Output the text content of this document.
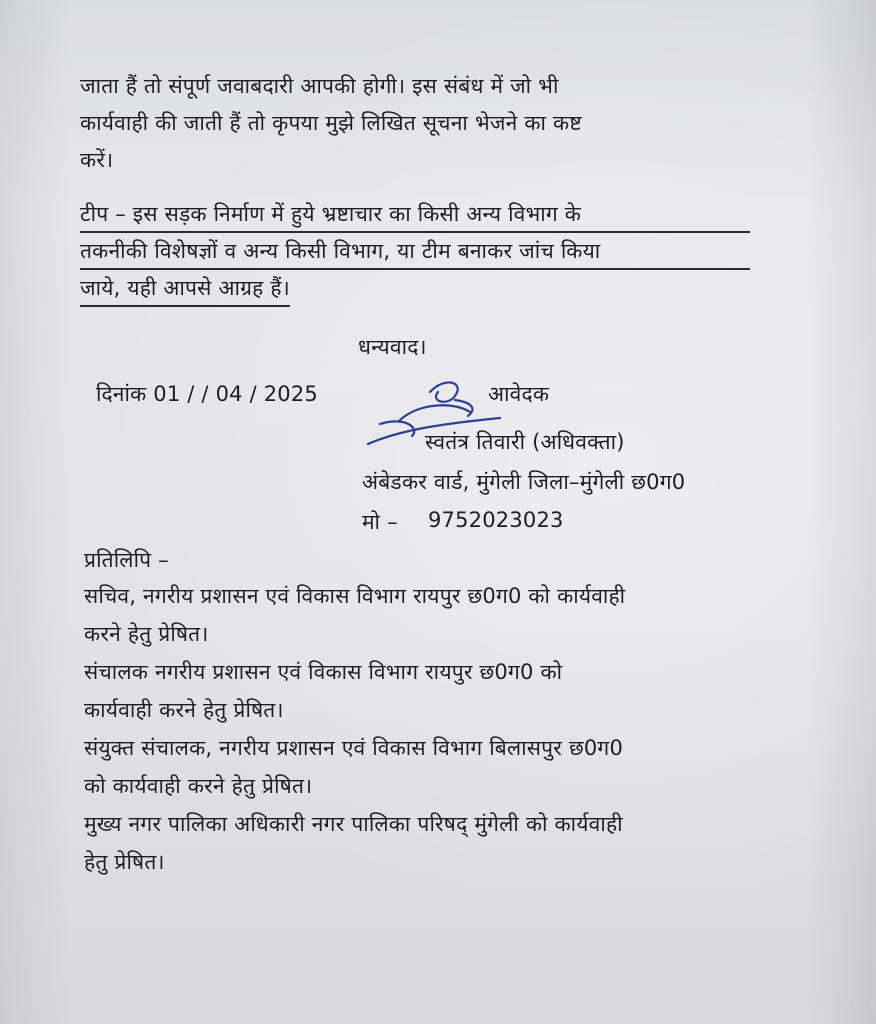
जाता हैं तो संपूर्ण जवाबदारी आपकी होगी। इस संबंध में जो भी
कार्यवाही की जाती हैं तो कृपया मुझे लिखित सूचना भेजने का कष्ट
करें।
टीप – इस सड़क निर्माण में हुये भ्रष्टाचार का किसी अन्य विभाग के
तकनीकी विशेषज्ञों व अन्य किसी विभाग, या टीम बनाकर जांच किया
जाये, यही आपसे आग्रह हैं।
धन्यवाद।
दिनांक 01 / / 04 / 2025	आवेदक
स्वतंत्र तिवारी (अधिवक्ता)
अंबेडकर वार्ड, मुंगेली जिला–मुंगेली छ0ग0
मो – 9752023023
प्रतिलिपि –
सचिव, नगरीय प्रशासन एवं विकास विभाग रायपुर छ0ग0 को कार्यवाही
करने हेतु प्रेषित।
संचालक नगरीय प्रशासन एवं विकास विभाग रायपुर छ0ग0 को
कार्यवाही करने हेतु प्रेषित।
संयुक्त संचालक, नगरीय प्रशासन एवं विकास विभाग बिलासपुर छ0ग0
को कार्यवाही करने हेतु प्रेषित।
मुख्य नगर पालिका अधिकारी नगर पालिका परिषद् मुंगेली को कार्यवाही
हेतु प्रेषित।
